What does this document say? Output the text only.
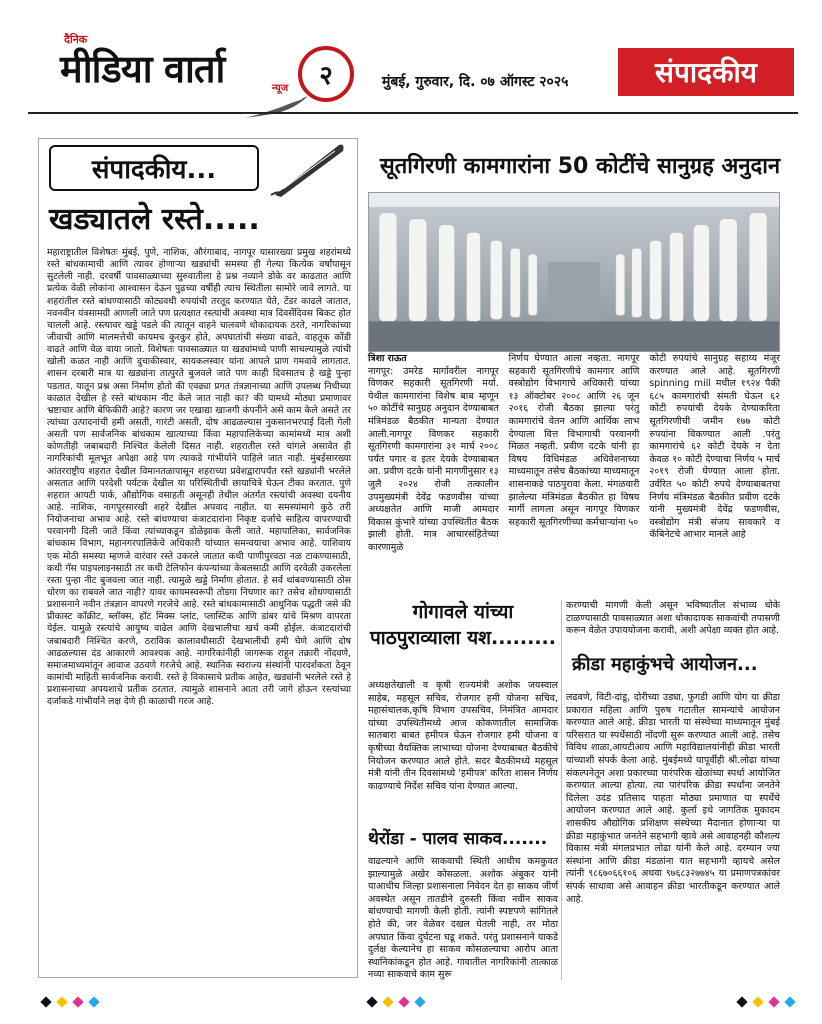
दैनिक
मीडिया वार्ता	न्यूज	२	मुंबई, गुरुवार, दि. ०७ ऑगस्ट २०२५	संपादकीय
संपादकीय...
खड्यातले रस्ते.....

महाराष्ट्रातील विशेषतः मुंबई, पुणे, नाशिक, औरंगाबाद, नागपूर यासारख्या प्रमुख शहरांमध्ये रस्ते बांधकामाची आणि त्यावर होणाऱ्या खड्यांची समस्या ही गेल्या कित्येक वर्षांपासून सुटलेली नाही. दरवर्षी पावसाळ्याच्या सुरुवातीला हे प्रश्न नव्याने डोके वर काढतात आणि प्रत्येक वेळी लोकांना आश्वासन देऊन पुढच्या वर्षीही त्याच स्थितीला सामोरे जावे लागते. या शहरांतील रस्ते बांधण्यासाठी कोट्यवधी रुपयांची तरतूद करण्यात येते, टेंडर काढले जातात, नवनवीन यंत्रसामग्री आणली जाते पण प्रत्यक्षात रस्त्यांची अवस्था मात्र दिवसेंदिवस बिकट होत चालली आहे. रस्त्यावर खड्डे पडले की त्यातून वाहने चालवणे धोकादायक ठरते, नागरिकांच्या जीवाची आणि मालमत्तेची कायमच कुरकुर होते, अपघातांची संख्या वाढते, वाहतूक कोंडी वाढते आणि वेळ वाया जातो. विशेषतः पावसाळ्यात या खड्यांमध्ये पाणी साचल्यामुळे त्यांची खोली कळत नाही आणि दुचाकीस्वार, सायकलस्वार यांना आपले प्राण गमवावे लागतात. शासन दरबारी मात्र या खड्यांना तात्पुरते बुजवले जाते पण काही दिवसातच हे खड्डे पुन्हा पडतात. यातून प्रश्न असा निर्माण होतो की एवढ्या प्रगत तंत्रज्ञानाच्या आणि उपलब्ध निधीच्या काळात देखील हे रस्ते बांधकाम नीट केले जात नाही का? की यामध्ये मोठ्या प्रमाणावर भ्रष्टाचार आणि बेफिकीरी आहे? कारण जर एखाद्या खाजगी कंपनीने असे काम केले असते तर त्यांच्या उत्पादनांची हमी असती, गारंटी असती, दोष आढळल्यास नुकसानभरपाई दिली गेली असती पण सार्वजनिक बांधकाम खात्याच्या किंवा महापालिकेच्या कामांमध्ये मात्र अशी कोणतीही जबाबदारी निश्चित केलेली दिसत नाही. शहरातील रस्ते चांगले असावेत ही नागरिकांची मूलभूत अपेक्षा आहे पण त्याकडे गांभीर्याने पाहिले जात नाही. मुंबईसारख्या आंतरराष्ट्रीय शहरात देखील विमानतळापासून शहराच्या प्रवेशद्वारापर्यंत रस्ते खड्यांनी भरलेले असतात आणि परदेशी पर्यटक देखील या परिस्थितीची छायाचित्रे घेऊन टीका करतात. पुणे शहरात आयटी पार्क, औद्योगिक वसाहती असूनही तेथील अंतर्गत रस्त्यांची अवस्था दयनीय आहे. नाशिक, नागपूरसारखी शहरे देखील अपवाद नाहीत. या समस्यांमागे कुठे तरी नियोजनाचा अभाव आहे. रस्ते बांधण्याचा कंत्राटदारांना निकृष्ट दर्जाचे साहित्य वापरण्याची परवानगी दिली जाते किंवा त्यांच्याकडून डोळेझाक केली जाते. महापालिका, सार्वजनिक बांधकाम विभाग, महानगरपालिकेचे अधिकारी यांच्यात समन्वयाचा अभाव आहे. याशिवाय एक मोठी समस्या म्हणजे वारंवार रस्ते उकरले जातात कधी पाणीपुरवठा नळ टाकण्यासाठी, कधी गॅस पाइपलाइनसाठी तर कधी टेलिफोन कंपन्यांच्या केबलसाठी आणि दरवेळी उकरलेला रस्ता पुन्हा नीट बुजवला जात नाही. त्यामुळे खड्डे निर्माण होतात. हे सर्व थांबवण्यासाठी ठोस धोरण का राबवले जात नाही? यावर कायमस्वरूपी तोडगा निघणार का? तसेच शोधण्यासाठी प्रशासनाने नवीन तंत्रज्ञान वापरणे गरजेचे आहे. रस्ते बांधकामासाठी आधुनिक पद्धती जसे की प्रीकास्ट काँक्रीट, ब्लॉक्स, हॉट मिक्स प्लांट, प्लास्टिक आणि डांबर यांचे मिश्रण वापरता येईल. यामुळे रस्त्यांचे आयुष्य वाढेल आणि देखभालीचा खर्च कमी होईल. कंत्राटदारांची जबाबदारी निश्चित करणे, ठराविक कालावधीसाठी देखभालीची हमी घेणे आणि दोष आढळल्यास दंड आकारणे आवश्यक आहे. नागरिकांनीही जागरूक राहून तक्रारी नोंदवणे, समाजमाध्यमांतून आवाज उठवणे गरजेचे आहे. स्थानिक स्वराज्य संस्थांनी पारदर्शकता ठेवून कामांची माहिती सार्वजनिक करावी. रस्ते हे विकासाचे प्रतीक आहेत, खड्यांनी भरलेले रस्ते हे प्रशासनाच्या अपयशाचे प्रतीक ठरतात. त्यामुळे शासनाने आता तरी जागे होऊन रस्त्यांच्या दर्जाकडे गांभीर्याने लक्ष देणे ही काळाची गरज आहे.

सूतगिरणी कामगारांना 50 कोटींचे सानुग्रह अनुदान
त्रिशा राऊत
नागपूर: उमरेड मार्गावरील नागपूर विणकर सहकारी सूतगिरणी मर्या. येथील कामगारांना विशेष बाब म्हणून ५० कोटींचे सानुग्रह अनुदान देण्याबाबत मंत्रिमंडळ बैठकीत मान्यता देण्यात आली.नागपूर विणकर सहकारी सूतगिरणी कामगारांना ३१ मार्च २००८ पर्यंत पगार व इतर देयके देण्याबाबत आ. प्रवीण दटके यांनी मागणीनुसार १३ जुलै २०२४ रोजी तत्कालीन उपमुख्यमंत्री देवेंद्र फडणवीस यांच्या अध्यक्षतेत आणि माजी आमदार विकास कुंभारे यांच्या उपस्थितीत बैठक झाली होती. मात्र आचारसंहितेच्या कारणामुळे
निर्णय घेण्यात आला नव्हता. नागपूर सहकारी सूतगिरणीचे कामगार आणि वस्त्रोद्योग विभागाचे अधिकारी यांच्या १३ ऑक्टोबर २००८ आणि २६ जून २०१६ रोजी बैठका झाल्या परंतु कामगारांचे वेतन आणि आर्थिक लाभ देण्याला वित्त विभागाची परवानगी मिळत नव्हती. प्रवीण दटके यांनी हा विषय विधिमंडळ अधिवेशनाच्या माध्यमातून तसेच बैठकांच्या माध्यमातून शासनाकडे पाठपुरावा केला. मंगळवारी झालेल्या मंत्रिमंडळ बैठकीत हा विषय मार्गी लागला असून नागपूर विणकर सहकारी सूतगिरणीच्या कर्मचाऱ्यांना ५०
कोटी रुपयांचे सानुग्रह सहाय्य मंजूर करण्यात आले आहे. सूतगिरणी spinning mill मधील १९२४ पैकी ६८५ कामगारांची संमती घेऊन ६२ कोटी रुपयांची देयके देण्याकरिता सूतगिरणीची जमीन १७७ कोटी रुपयांना विकण्यात आली .परंतु कामगारांचे ६२ कोटी देयके न देता केवळ १० कोटी देण्याचा निर्णय ५ मार्च २०१९ रोजी घेण्यात आला होता. उर्वरित ५० कोटी रुपये देण्याबाबतचा निर्णय मंत्रिमंडळ बैठकीत प्रवीण दटके यांनी मुख्यमंत्री देवेंद्र फडणवीस, वस्त्रोद्योग मंत्री संजय सावकारे व कॅबिनेटचे आभार मानले आहे
गोगावले यांच्या पाठपुराव्याला यश.........

अध्यक्षतेखाली व कृषी राज्यमंत्री अशोक जयस्वाल साहेब, महसूल सचिव, रोजगार हमी योजना सचिव, महासंचालक,कृषि विभाग उपसचिव, निमंत्रित आमदार यांच्या उपस्थितीमध्ये आज कोकणातील सामाजिक सातबारा बाबत हमीपत्र घेऊन रोजगार हमी योजना व कृषीच्या वैयक्तिक लाभाच्या योजना देण्याबाबत बैठकीचे नियोजन करण्यात आले होते. सदर बैठकीमध्ये महसूल मंत्री यांनी तीन दिवसांमध्ये 'हमीपत्र' करिता शासन निर्णय काढण्याचे निर्देश सचिव यांना देण्यात आल्या.

करण्याची मागणी केली असून भविष्यातील संभाव्य धोके टाळण्यासाठी पावसाळ्यात अशा धोकादायक साकवांची तपासणी करून वेळेत उपाययोजना करावी, अशी अपेक्षा व्यक्त होत आहे.

क्रीडा महाकुंभचे आयोजन...

लढवणे, विटी-दांडू, दोरीच्या उड्या, फुगडी आणि योग या क्रीडा प्रकारात महिला आणि पुरुष गटातील सामन्यांचे आयोजन करण्यात आले आहे. क्रीडा भारती या संस्थेच्या माध्यमातून मुंबई परिसरात या स्पर्धेसाठी नोंदणी सुरू करण्यात आली आहे. तसेच विविध शाळा,आयटीआय आणि महाविद्यालयांनीही क्रीडा भारती यांच्याशी संपर्क केला आहे. मुंबईमध्ये यापूर्वीही श्री.लोढा यांच्या संकल्पनेतून अशा प्रकारच्या पारंपरिक खेळांच्या स्पर्धा आयोजित करण्यात आल्या होत्या. त्या पारंपरिक क्रीडा स्पर्धांना जनतेने दिलेला उदंड प्रतिसाद पाहता मोठ्या प्रमाणात या स्पर्धेचे आयोजन करण्यात आले आहे. कुर्ला इथे जागतिक मुकादम शासकीय औद्योगिक प्रशिक्षण संस्थेच्या मैदानात होणाऱ्या या क्रीडा महाकुंभात जनतेने सहभागी व्हावे असे आवाहनही कौशल्य विकास मंत्री मंगलप्रभात लोढा यांनी केले आहे. दरम्यान ज्या संस्थांना आणि क्रीडा मंडळांना यात सहभागी व्हायचे असेल त्यांनी ९८६७०६६१०६ अथवा ९७६८३२७७४५ या प्रमाणपत्रकांवर संपर्क साधावा असे आवाहन क्रीडा भारतीकडून करण्यात आले आहे.

थेरोंडा - पालव साकव.......

वाढल्याने आणि साकवाची स्थिती आधीच कमकुवत झाल्यामुळे अखेर कोसळला. अशोक अंबुकर यांनी याआधीच जिल्हा प्रशासनाला निवेदन देत हा साकव जीर्ण अवस्थेत असून तातडीने दुरुस्ती किंवा नवीन साकव बांधण्याची मागणी केली होती. त्यांनी स्पष्टपणे सांगितले होते की, जर वेळेवर दखल घेतली नाही, तर मोठा अपघात किंवा दुर्घटना घडू शकते. परंतु प्रशासनाने याकडे दुर्लक्ष केल्यानेच हा साकव कोसळल्याचा आरोप आता स्थानिकांकडून होत आहे. गावातील नागरिकांनी तात्काळ नव्या साकवाचे काम सुरू
